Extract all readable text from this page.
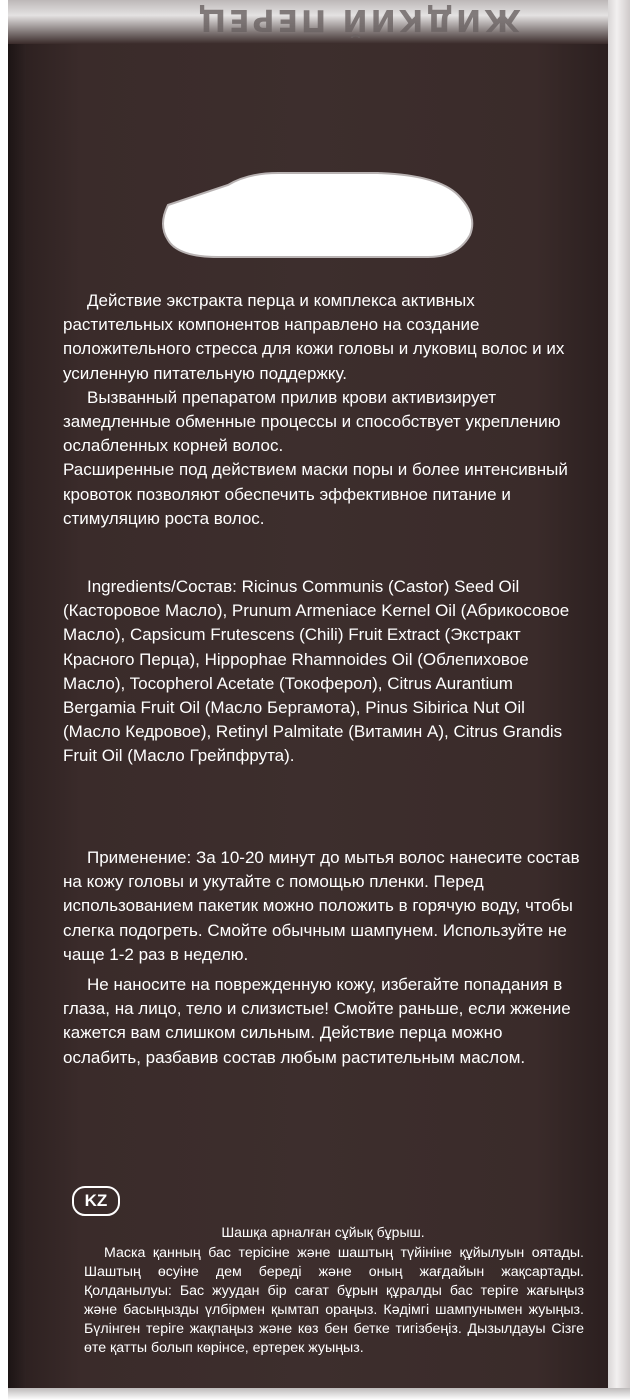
ЖИДКИЙ ПЕРЕЦ

Действие экстракта перца и комплекса активных растительных компонентов направлено на создание положительного стресса для кожи головы и луковиц волос и их усиленную питательную поддержку.

Вызванный препаратом прилив крови активизирует замедленные обменные процессы и способствует укреплению ослабленных корней волос.

Расширенные под действием маски поры и более интенсивный кровоток позволяют обеспечить эффективное питание и стимуляцию роста волос.

Ingredients/Состав: Ricinus Communis (Castor) Seed Oil (Касторовое Масло), Prunum Armeniace Kernel Oil (Абрикосовое Масло), Capsicum Frutescens (Chili) Fruit Extract (Экстракт Красного Перца), Hippophae Rhamnoides Oil (Облепиховое Масло), Tocopherol Acetate (Токоферол), Citrus Aurantium Bergamia Fruit Oil (Масло Бергамота), Pinus Sibirica Nut Oil (Масло Кедровое), Retinyl Palmitate (Витамин А), Citrus Grandis Fruit Oil (Масло Грейпфрута).

Применение: За 10-20 минут до мытья волос нанесите состав на кожу головы и укутайте с помощью пленки. Перед использованием пакетик можно положить в горячую воду, чтобы слегка подогреть. Смойте обычным шампунем. Используйте не чаще 1-2 раз в неделю.

Не наносите на поврежденную кожу, избегайте попадания в глаза, на лицо, тело и слизистые! Смойте раньше, если жжение кажется вам слишком сильным. Действие перца можно ослабить, разбавив состав любым растительным маслом.

KZ
Шашқа арналған сұйық бұрыш.

Маска қанның бас терісіне және шаштың түйініне құйылуын оятады. Шаштың өсуіне дем береді және оның жағдайын жақсартады. Қолданылуы: Бас жуудан бір сағат бұрын құралды бас теріге жағыңыз және басыңызды үлбірмен қымтап ораңыз. Кәдімгі шампунымен жуыңыз. Бүлінген теріге жақпаңыз және көз бен бетке тигізбеңіз. Дызылдауы Сізге өте қатты болып көрінсе, ертерек жуыңыз.
